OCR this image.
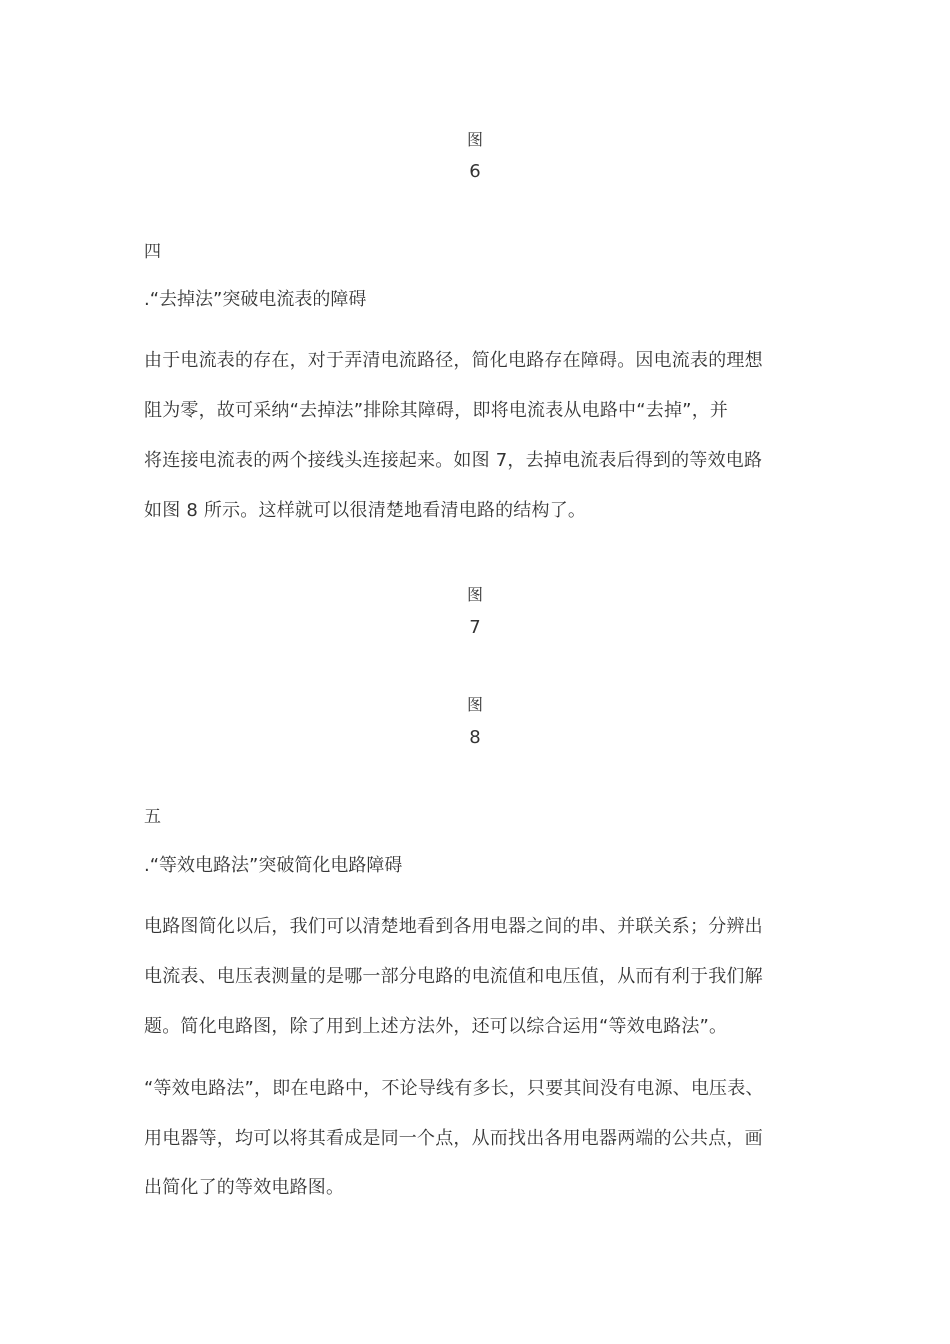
图
6
四
.“去掉法”突破电流表的障碍
由于电流表的存在，对于弄清电流路径，简化电路存在障碍。因电流表的理想
阻为零，故可采纳“去掉法”排除其障碍，即将电流表从电路中“去掉”，并
将连接电流表的两个接线头连接起来。如图 7，去掉电流表后得到的等效电路
如图 8 所示。这样就可以很清楚地看清电路的结构了。
图
7
图
8
五
.“等效电路法”突破简化电路障碍
电路图简化以后，我们可以清楚地看到各用电器之间的串、并联关系；分辨出
电流表、电压表测量的是哪一部分电路的电流值和电压值，从而有利于我们解
题。简化电路图，除了用到上述方法外，还可以综合运用“等效电路法”。
“等效电路法”，即在电路中，不论导线有多长，只要其间没有电源、电压表、
用电器等，均可以将其看成是同一个点，从而找出各用电器两端的公共点，画
出简化了的等效电路图。
